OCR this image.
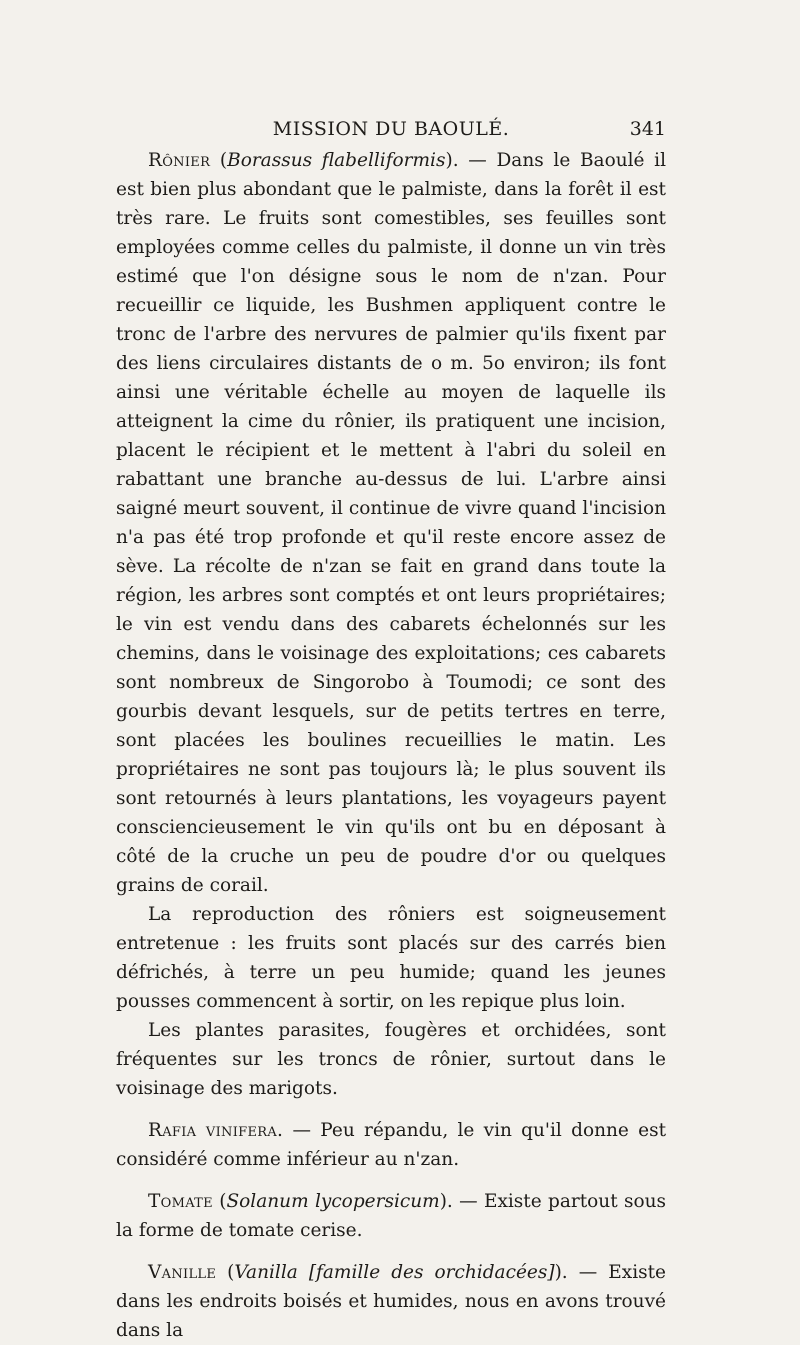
MISSION DU BAOULÉ.	341

Rônier (Borassus flabelliformis). — Dans le Baoulé il est bien plus abondant que le palmiste, dans la forêt il est très rare. Le fruits sont comestibles, ses feuilles sont employées comme celles du palmiste, il donne un vin très estimé que l'on désigne sous le nom de n'zan. Pour recueillir ce liquide, les Bushmen appliquent contre le tronc de l'arbre des nervures de palmier qu'ils fixent par des liens circulaires distants de o m. 5o environ; ils font ainsi une véritable échelle au moyen de laquelle ils atteignent la cime du rônier, ils pratiquent une incision, placent le récipient et le mettent à l'abri du soleil en rabattant une branche au-dessus de lui. L'arbre ainsi saigné meurt souvent, il continue de vivre quand l'incision n'a pas été trop profonde et qu'il reste encore assez de sève. La récolte de n'zan se fait en grand dans toute la région, les arbres sont comptés et ont leurs propriétaires; le vin est vendu dans des cabarets échelonnés sur les chemins, dans le voisinage des exploitations; ces cabarets sont nombreux de Singorobo à Toumodi; ce sont des gourbis devant lesquels, sur de petits tertres en terre, sont placées les boulines recueillies le matin. Les propriétaires ne sont pas toujours là; le plus souvent ils sont retournés à leurs plantations, les voyageurs payent consciencieusement le vin qu'ils ont bu en déposant à côté de la cruche un peu de poudre d'or ou quelques grains de corail.

La reproduction des rôniers est soigneusement entretenue : les fruits sont placés sur des carrés bien défrichés, à terre un peu humide; quand les jeunes pousses commencent à sortir, on les repique plus loin.

Les plantes parasites, fougères et orchidées, sont fréquentes sur les troncs de rônier, surtout dans le voisinage des marigots.

Rafia vinifera. — Peu répandu, le vin qu'il donne est considéré comme inférieur au n'zan.

Tomate (Solanum lycopersicum). — Existe partout sous la forme de tomate cerise.

Vanille (Vanilla [famille des orchidacées]). — Existe dans les endroits boisés et humides, nous en avons trouvé dans la
